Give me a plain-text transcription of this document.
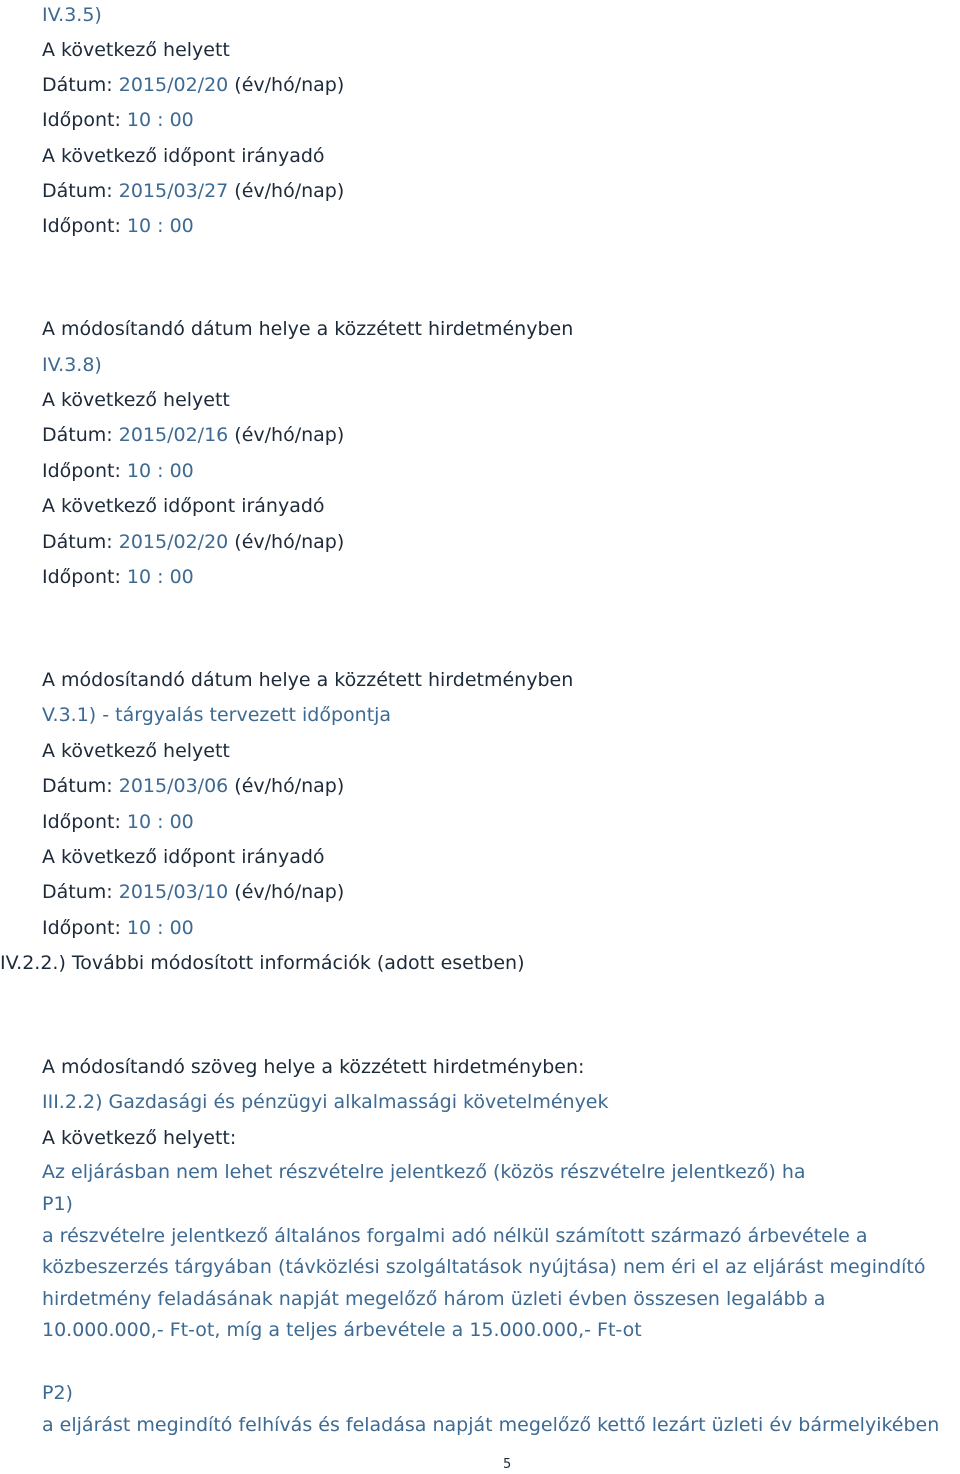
IV.3.5)
A következő helyett
Dátum: 2015/02/20 (év/hó/nap)
Időpont: 10 : 00
A következő időpont irányadó
Dátum: 2015/03/27 (év/hó/nap)
Időpont: 10 : 00
A módosítandó dátum helye a közzétett hirdetményben
IV.3.8)
A következő helyett
Dátum: 2015/02/16 (év/hó/nap)
Időpont: 10 : 00
A következő időpont irányadó
Dátum: 2015/02/20 (év/hó/nap)
Időpont: 10 : 00
A módosítandó dátum helye a közzétett hirdetményben
V.3.1) - tárgyalás tervezett időpontja
A következő helyett
Dátum: 2015/03/06 (év/hó/nap)
Időpont: 10 : 00
A következő időpont irányadó
Dátum: 2015/03/10 (év/hó/nap)
Időpont: 10 : 00
IV.2.2.) További módosított információk (adott esetben)
A módosítandó szöveg helye a közzétett hirdetményben:
III.2.2) Gazdasági és pénzügyi alkalmassági követelmények
A következő helyett:
Az eljárásban nem lehet részvételre jelentkező (közös részvételre jelentkező) ha
P1)
a részvételre jelentkező általános forgalmi adó nélkül számított származó árbevétele a
közbeszerzés tárgyában (távközlési szolgáltatások nyújtása) nem éri el az eljárást megindító
hirdetmény feladásának napját megelőző három üzleti évben összesen legalább a
10.000.000,- Ft-ot, míg a teljes árbevétele a 15.000.000,- Ft-ot
P2)
a eljárást megindító felhívás és feladása napját megelőző kettő lezárt üzleti év bármelyikében
5
